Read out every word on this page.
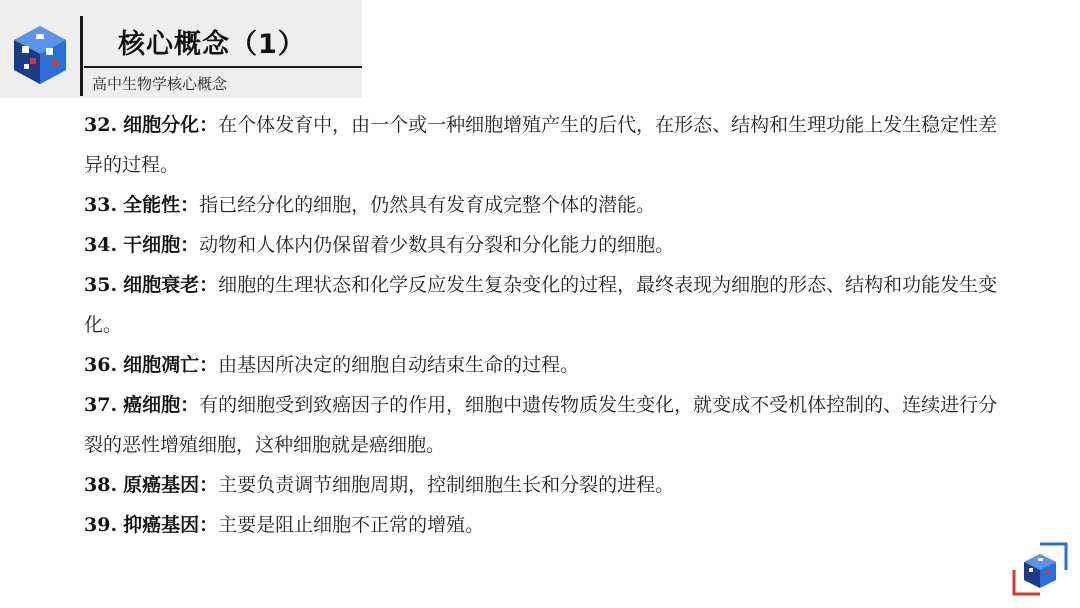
核心概念（1）
高中生物学核心概念

32. 细胞分化：在个体发育中，由一个或一种细胞增殖产生的后代，在形态、结构和生理功能上发生稳定性差异的过程。

33. 全能性：指已经分化的细胞，仍然具有发育成完整个体的潜能。

34. 干细胞：动物和人体内仍保留着少数具有分裂和分化能力的细胞。

35. 细胞衰老：细胞的生理状态和化学反应发生复杂变化的过程，最终表现为细胞的形态、结构和功能发生变化。

36. 细胞凋亡：由基因所决定的细胞自动结束生命的过程。

37. 癌细胞：有的细胞受到致癌因子的作用，细胞中遗传物质发生变化，就变成不受机体控制的、连续进行分裂的恶性增殖细胞，这种细胞就是癌细胞。

38. 原癌基因：主要负责调节细胞周期，控制细胞生长和分裂的进程。

39. 抑癌基因：主要是阻止细胞不正常的增殖。
